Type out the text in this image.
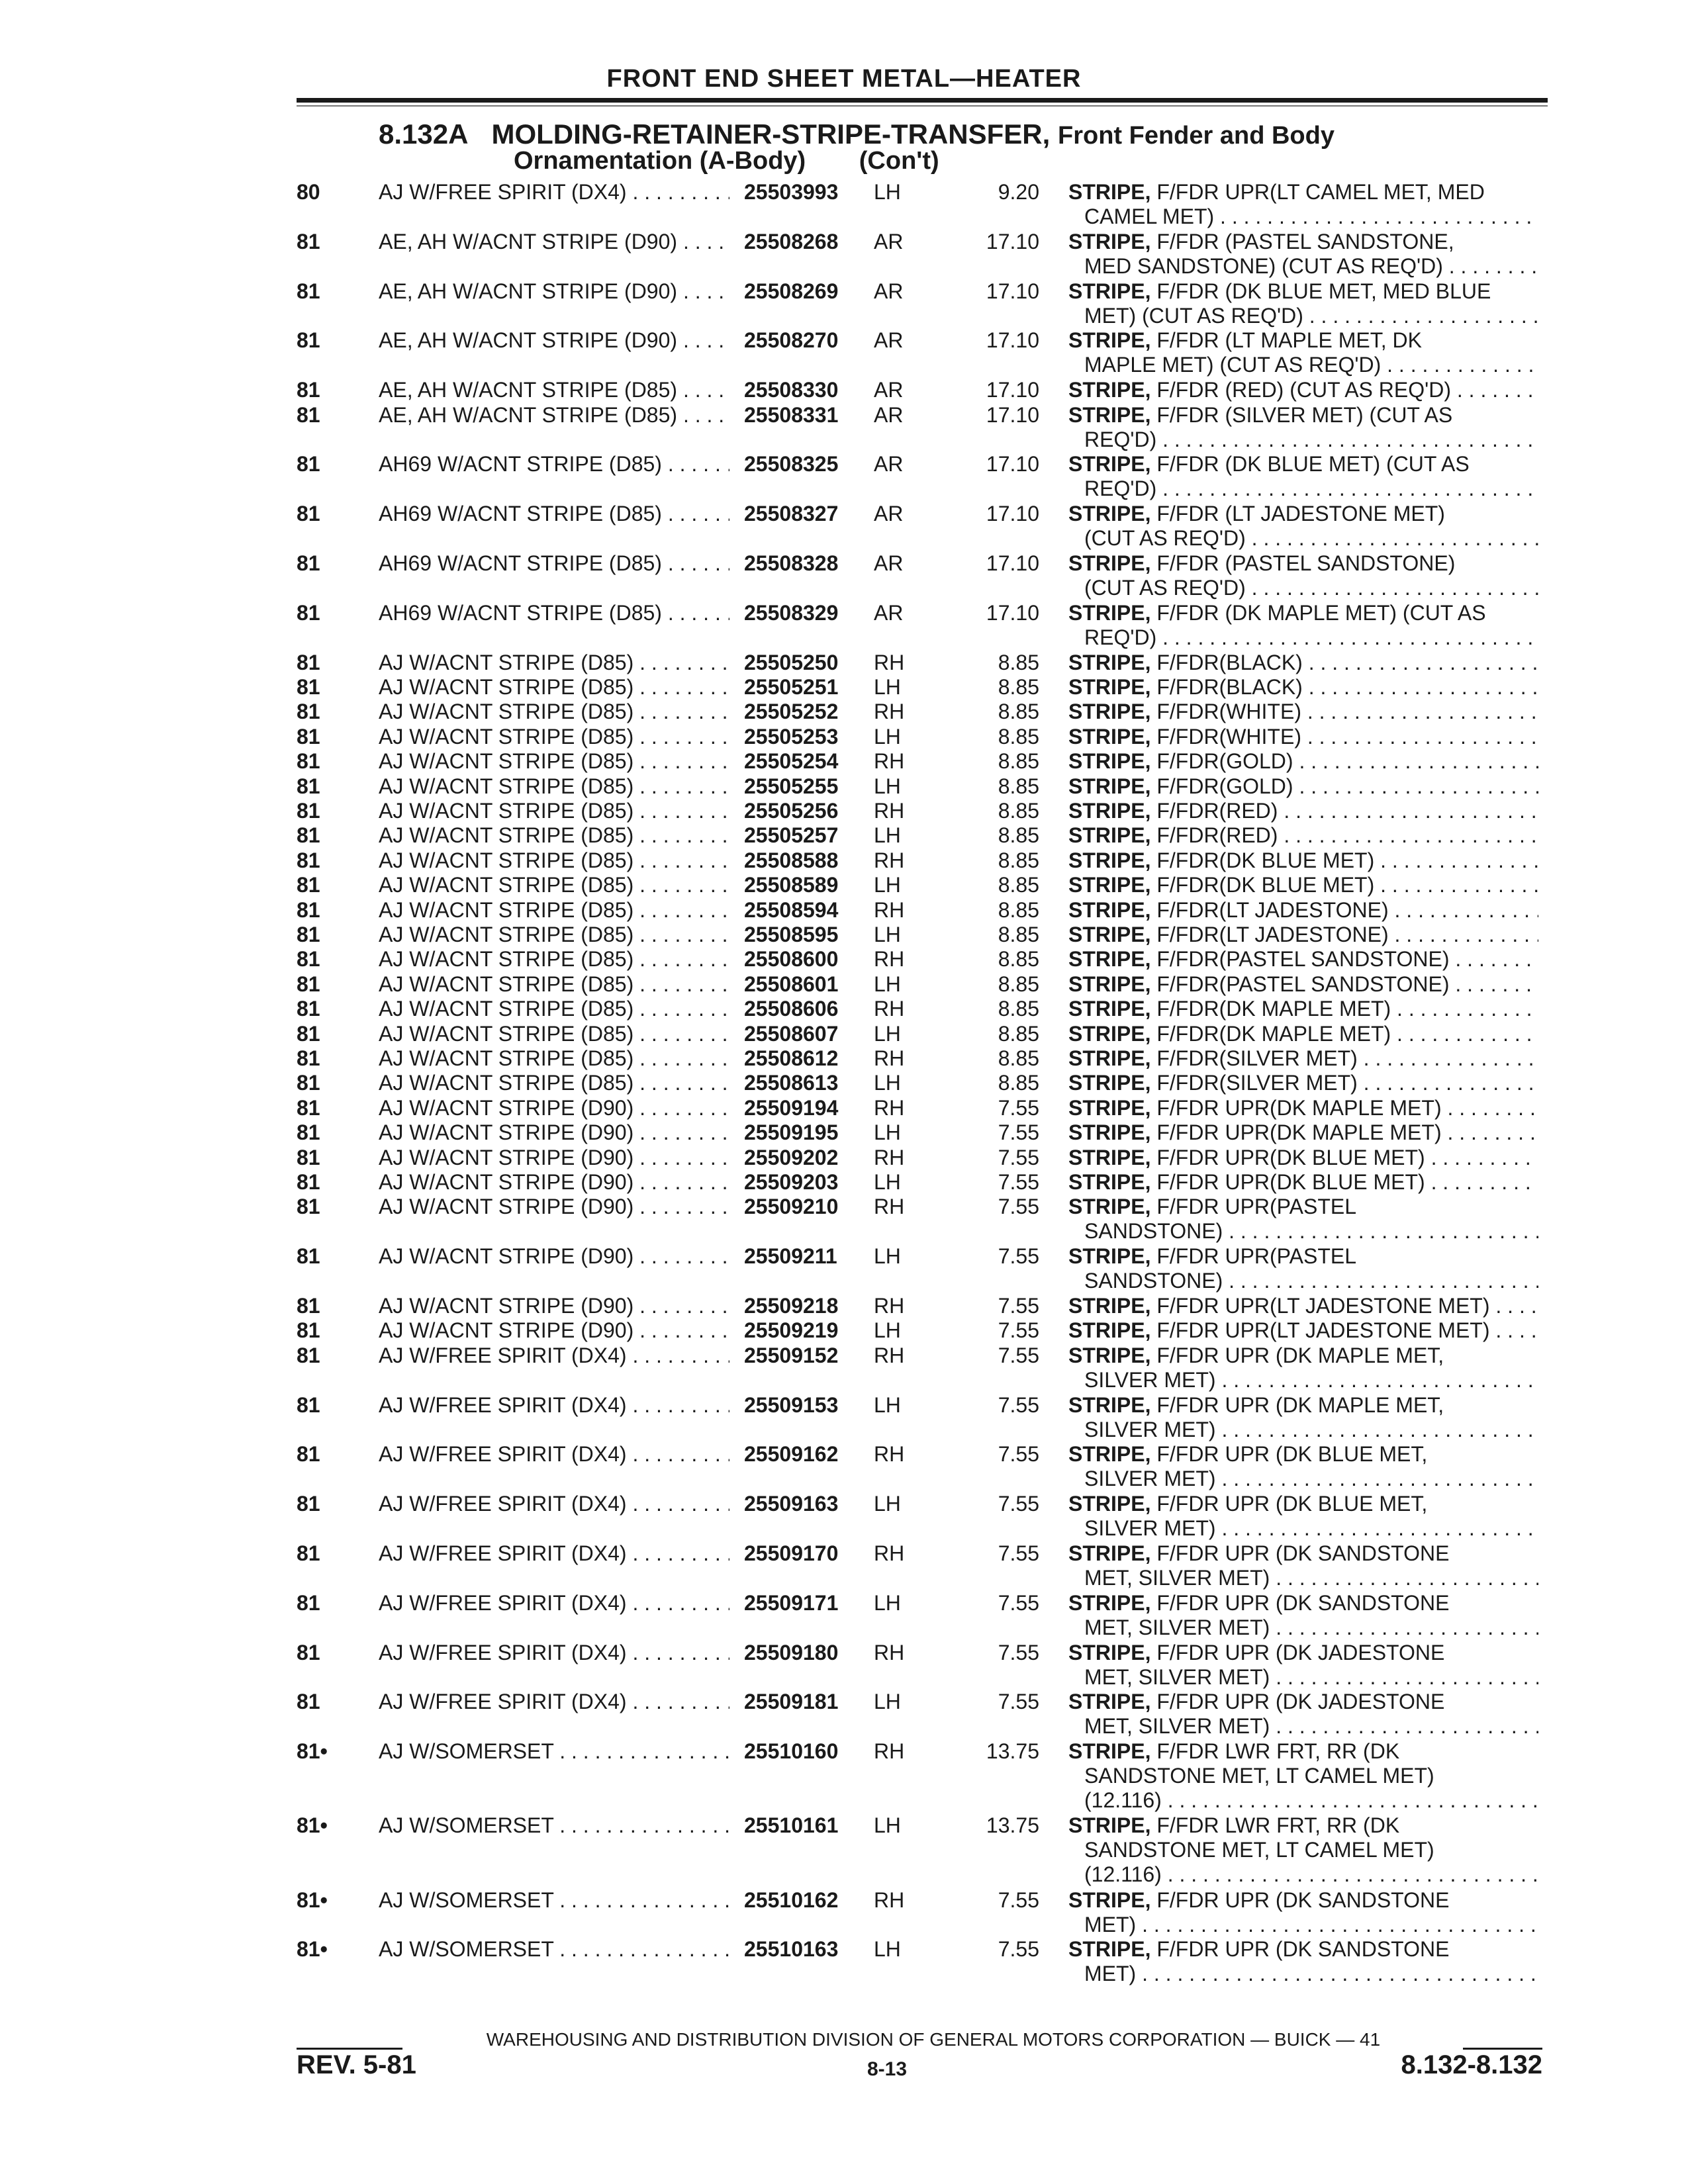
FRONT END SHEET METAL—HEATER
8.132A MOLDING-RETAINER-STRIPE-TRANSFER, Front Fender and Body
Ornamentation (A-Body) (Con't)
80	AJ W/FREE SPIRIT (DX4) . . .	25503993	LH	9.20 STRIPE, F/FDR UPR(LT CAMEL MET, MED
CAMEL MET) . . .
81	AE, AH W/ACNT STRIPE (D90) . . .	25508268	AR	17.10 STRIPE, F/FDR (PASTEL SANDSTONE,
MED SANDSTONE) (CUT AS REQ'D) . . .
81	AE, AH W/ACNT STRIPE (D90) . . .	25508269	AR	17.10 STRIPE, F/FDR (DK BLUE MET, MED BLUE
MET) (CUT AS REQ'D) . . .
81	AE, AH W/ACNT STRIPE (D90) . . .	25508270	AR	17.10 STRIPE, F/FDR (LT MAPLE MET, DK
MAPLE MET) (CUT AS REQ'D) . . .
81	AE, AH W/ACNT STRIPE (D85) . . .	25508330	AR	17.10 STRIPE, F/FDR (RED) (CUT AS REQ'D) . . .
81	AE, AH W/ACNT STRIPE (D85) . . .	25508331	AR	17.10 STRIPE, F/FDR (SILVER MET) (CUT AS
REQ'D) . . .
81	AH69 W/ACNT STRIPE (D85) . . .	25508325	AR	17.10 STRIPE, F/FDR (DK BLUE MET) (CUT AS
REQ'D) . . .
81	AH69 W/ACNT STRIPE (D85) . . .	25508327	AR	17.10 STRIPE, F/FDR (LT JADESTONE MET)
(CUT AS REQ'D) . . .
81	AH69 W/ACNT STRIPE (D85) . . .	25508328	AR	17.10 STRIPE, F/FDR (PASTEL SANDSTONE)
(CUT AS REQ'D) . . .
81	AH69 W/ACNT STRIPE (D85) . . .	25508329	AR	17.10 STRIPE, F/FDR (DK MAPLE MET) (CUT AS
REQ'D) . . .
81	AJ W/ACNT STRIPE (D85) . . .	25505250	RH	8.85 STRIPE, F/FDR(BLACK) . . .
81	AJ W/ACNT STRIPE (D85) . . .	25505251	LH	8.85 STRIPE, F/FDR(BLACK) . . .
81	AJ W/ACNT STRIPE (D85) . . .	25505252	RH	8.85 STRIPE, F/FDR(WHITE) . . .
81	AJ W/ACNT STRIPE (D85) . . .	25505253	LH	8.85 STRIPE, F/FDR(WHITE) . . .
81	AJ W/ACNT STRIPE (D85) . . .	25505254	RH	8.85 STRIPE, F/FDR(GOLD) . . .
81	AJ W/ACNT STRIPE (D85) . . .	25505255	LH	8.85 STRIPE, F/FDR(GOLD) . . .
81	AJ W/ACNT STRIPE (D85) . . .	25505256	RH	8.85 STRIPE, F/FDR(RED) . . .
81	AJ W/ACNT STRIPE (D85) . . .	25505257	LH	8.85 STRIPE, F/FDR(RED) . . .
81	AJ W/ACNT STRIPE (D85) . . .	25508588	RH	8.85 STRIPE, F/FDR(DK BLUE MET) . . .
81	AJ W/ACNT STRIPE (D85) . . .	25508589	LH	8.85 STRIPE, F/FDR(DK BLUE MET) . . .
81	AJ W/ACNT STRIPE (D85) . . .	25508594	RH	8.85 STRIPE, F/FDR(LT JADESTONE) . . .
81	AJ W/ACNT STRIPE (D85) . . .	25508595	LH	8.85 STRIPE, F/FDR(LT JADESTONE) . . .
81	AJ W/ACNT STRIPE (D85) . . .	25508600	RH	8.85 STRIPE, F/FDR(PASTEL SANDSTONE) . . .
81	AJ W/ACNT STRIPE (D85) . . .	25508601	LH	8.85 STRIPE, F/FDR(PASTEL SANDSTONE) . . .
81	AJ W/ACNT STRIPE (D85) . . .	25508606	RH	8.85 STRIPE, F/FDR(DK MAPLE MET) . . .
81	AJ W/ACNT STRIPE (D85) . . .	25508607	LH	8.85 STRIPE, F/FDR(DK MAPLE MET) . . .
81	AJ W/ACNT STRIPE (D85) . . .	25508612	RH	8.85 STRIPE, F/FDR(SILVER MET) . . .
81	AJ W/ACNT STRIPE (D85) . . .	25508613	LH	8.85 STRIPE, F/FDR(SILVER MET) . . .
81	AJ W/ACNT STRIPE (D90) . . .	25509194	RH	7.55 STRIPE, F/FDR UPR(DK MAPLE MET) . . .
81	AJ W/ACNT STRIPE (D90) . . .	25509195	LH	7.55 STRIPE, F/FDR UPR(DK MAPLE MET) . . .
81	AJ W/ACNT STRIPE (D90) . . .	25509202	RH	7.55 STRIPE, F/FDR UPR(DK BLUE MET) . . .
81	AJ W/ACNT STRIPE (D90) . . .	25509203	LH	7.55 STRIPE, F/FDR UPR(DK BLUE MET) . . .
81	AJ W/ACNT STRIPE (D90) . . .	25509210	RH	7.55 STRIPE, F/FDR UPR(PASTEL
SANDSTONE) . . .
81	AJ W/ACNT STRIPE (D90) . . .	25509211	LH	7.55 STRIPE, F/FDR UPR(PASTEL
SANDSTONE) . . .
81	AJ W/ACNT STRIPE (D90) . . .	25509218	RH	7.55 STRIPE, F/FDR UPR(LT JADESTONE MET) . . .
81	AJ W/ACNT STRIPE (D90) . . .	25509219	LH	7.55 STRIPE, F/FDR UPR(LT JADESTONE MET) . . .
81	AJ W/FREE SPIRIT (DX4) . . .	25509152	RH	7.55 STRIPE, F/FDR UPR (DK MAPLE MET,
SILVER MET) . . .
81	AJ W/FREE SPIRIT (DX4) . . .	25509153	LH	7.55 STRIPE, F/FDR UPR (DK MAPLE MET,
SILVER MET) . . .
81	AJ W/FREE SPIRIT (DX4) . . .	25509162	RH	7.55 STRIPE, F/FDR UPR (DK BLUE MET,
SILVER MET) . . .
81	AJ W/FREE SPIRIT (DX4) . . .	25509163	LH	7.55 STRIPE, F/FDR UPR (DK BLUE MET,
SILVER MET) . . .
81	AJ W/FREE SPIRIT (DX4) . . .	25509170	RH	7.55 STRIPE, F/FDR UPR (DK SANDSTONE
MET, SILVER MET) . . .
81	AJ W/FREE SPIRIT (DX4) . . .	25509171	LH	7.55 STRIPE, F/FDR UPR (DK SANDSTONE
MET, SILVER MET) . . .
81	AJ W/FREE SPIRIT (DX4) . . .	25509180	RH	7.55 STRIPE, F/FDR UPR (DK JADESTONE
MET, SILVER MET) . . .
81	AJ W/FREE SPIRIT (DX4) . . .	25509181	LH	7.55 STRIPE, F/FDR UPR (DK JADESTONE
MET, SILVER MET) . . .
81•	AJ W/SOMERSET . . .	25510160	RH	13.75 STRIPE, F/FDR LWR FRT, RR (DK
SANDSTONE MET, LT CAMEL MET)
(12.116) . . .
81•	AJ W/SOMERSET . . .	25510161	LH	13.75 STRIPE, F/FDR LWR FRT, RR (DK
SANDSTONE MET, LT CAMEL MET)
(12.116) . . .
81•	AJ W/SOMERSET . . .	25510162	RH	7.55 STRIPE, F/FDR UPR (DK SANDSTONE
MET) . . .
81•	AJ W/SOMERSET . . .	25510163	LH	7.55 STRIPE, F/FDR UPR (DK SANDSTONE
MET) . . .
WAREHOUSING AND DISTRIBUTION DIVISION OF GENERAL MOTORS CORPORATION — BUICK — 41
REV. 5-81	8-13	8.132-8.132
